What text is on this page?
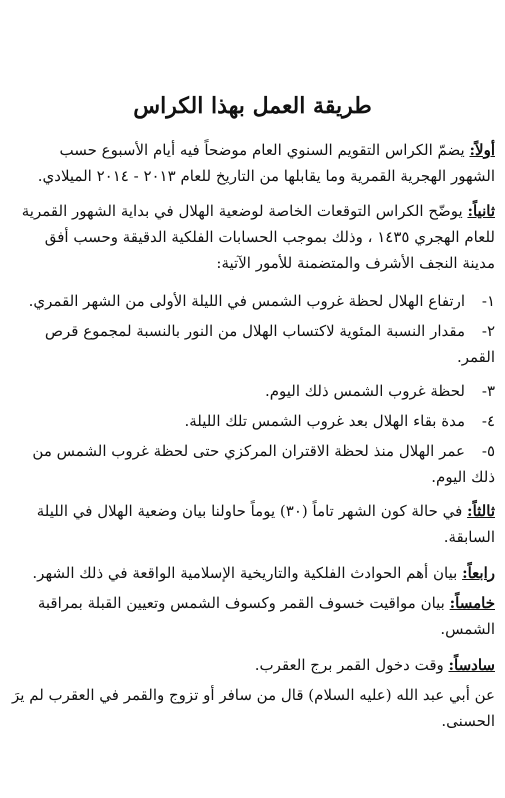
طريقة العمل بهذا الكراس
أولاً: يضمّ الكراس التقويم السنوي العام موضحاً فيه أيام الأسبوع حسب الشهور الهجرية القمرية وما يقابلها من التاريخ للعام ٢٠١٣ - ٢٠١٤ الميلادي.
ثانياً: يوضّح الكراس التوقعات الخاصة لوضعية الهلال في بداية الشهور القمرية للعام الهجري ١٤٣٥ ، وذلك بموجب الحسابات الفلكية الدقيقة وحسب أفق مدينة النجف الأشرف والمتضمنة للأمور الآتية:
١-ارتفاع الهلال لحظة غروب الشمس في الليلة الأولى من الشهر القمري.
٢-مقدار النسبة المئوية لاكتساب الهلال من النور بالنسبة لمجموع قرص القمر.
٣-لحظة غروب الشمس ذلك اليوم.
٤-مدة بقاء الهلال بعد غروب الشمس تلك الليلة.
٥-عمر الهلال منذ لحظة الاقتران المركزي حتى لحظة غروب الشمس من ذلك اليوم.
ثالثاً: في حالة كون الشهر تاماً (٣٠) يوماً حاولنا بيان وضعية الهلال في الليلة السابقة.
رابعاً: بيان أهم الحوادث الفلكية والتاريخية الإسلامية الواقعة في ذلك الشهر.
خامساً: بيان مواقيت خسوف القمر وكسوف الشمس وتعيين القبلة بمراقبة الشمس.
سادساً: وقت دخول القمر برج العقرب.
عن أبي عبد الله (عليه السلام) قال من سافر أو تزوج والقمر في العقرب لم يرَ الحسنى.
